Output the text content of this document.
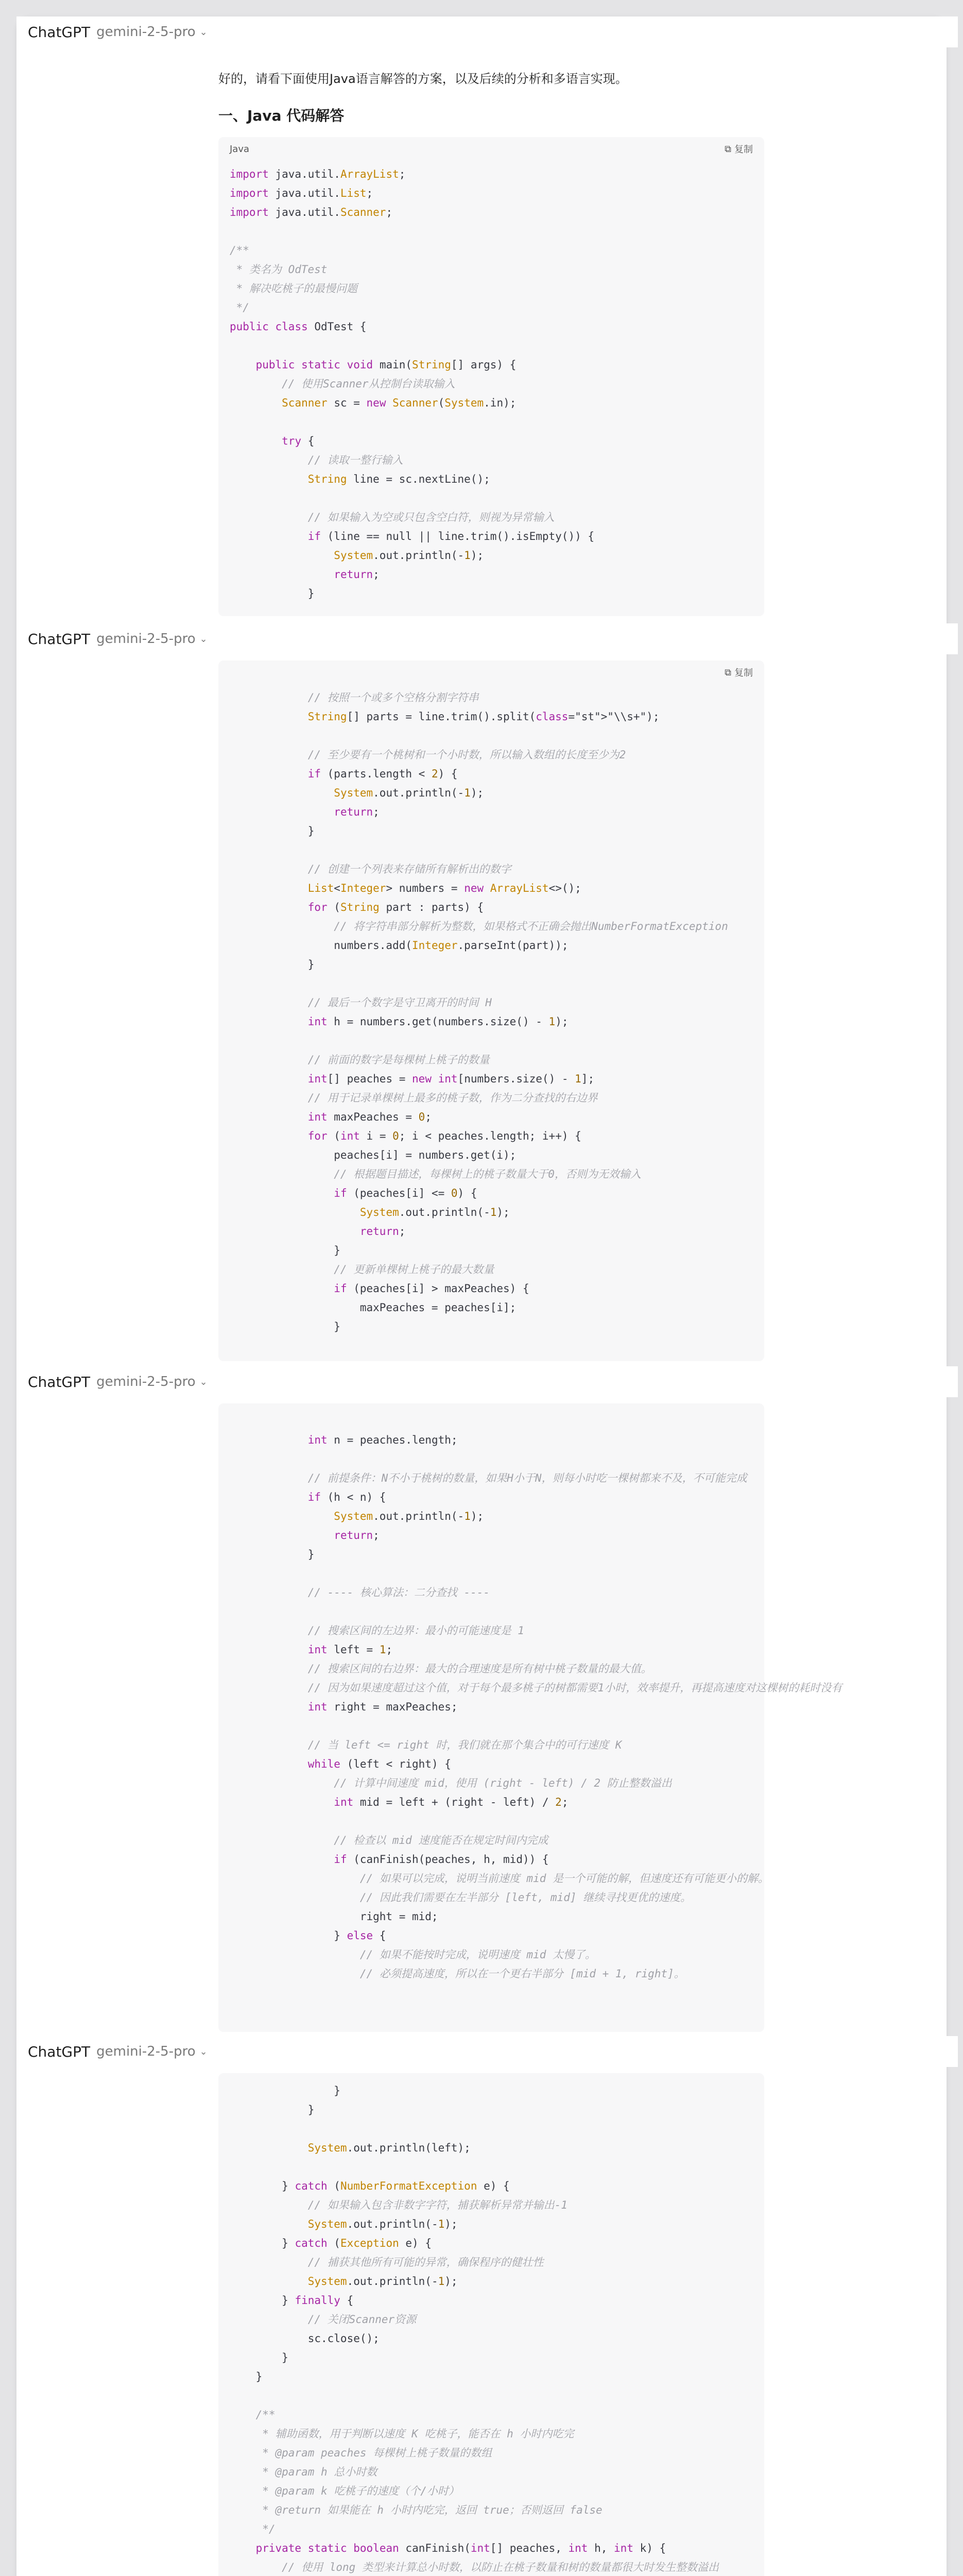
ChatGPT gemini-2-5-pro ⌄
好的，请看下面使用Java语言解答的方案，以及后续的分析和多语言实现。
一、Java 代码解答
Java	⧉ 复制
import java.util.ArrayList;
import java.util.List;
import java.util.Scanner;

/**
* 类名为 OdTest
* 解决吃桃子的最慢问题
*/
public class OdTest {

public static void main(String[] args) {
// 使用Scanner从控制台读取输入
Scanner sc = new Scanner(System.in);

try {
// 读取一整行输入
String line = sc.nextLine();

// 如果输入为空或只包含空白符，则视为异常输入
if (line == null || line.trim().isEmpty()) {
System.out.println(-1);
return;
}
ChatGPT gemini-2-5-pro ⌄
⧉ 复制
// 按照一个或多个空格分割字符串
String[] parts = line.trim().split(class="st">"\\s+");

// 至少要有一个桃树和一个小时数，所以输入数组的长度至少为2
if (parts.length < 2) {
System.out.println(-1);
return;
}

// 创建一个列表来存储所有解析出的数字
List<Integer> numbers = new ArrayList<>();
for (String part : parts) {
// 将字符串部分解析为整数，如果格式不正确会抛出NumberFormatException
numbers.add(Integer.parseInt(part));
}

// 最后一个数字是守卫离开的时间 H
int h = numbers.get(numbers.size() - 1);

// 前面的数字是每棵树上桃子的数量
int[] peaches = new int[numbers.size() - 1];
// 用于记录单棵树上最多的桃子数，作为二分查找的右边界
int maxPeaches = 0;
for (int i = 0; i < peaches.length; i++) {
peaches[i] = numbers.get(i);
// 根据题目描述，每棵树上的桃子数量大于0，否则为无效输入
if (peaches[i] <= 0) {
System.out.println(-1);
return;
}
// 更新单棵树上桃子的最大数量
if (peaches[i] > maxPeaches) {
maxPeaches = peaches[i];
}
ChatGPT gemini-2-5-pro ⌄

int n = peaches.length;

// 前提条件：N不小于桃树的数量，如果H小于N，则每小时吃一棵树都来不及，不可能完成
if (h < n) {
System.out.println(-1);
return;
}

// ---- 核心算法：二分查找 ----

// 搜索区间的左边界：最小的可能速度是 1
int left = 1;
// 搜索区间的右边界：最大的合理速度是所有树中桃子数量的最大值。
// 因为如果速度超过这个值，对于每个最多桃子的树都需要1小时，效率提升，再提高速度对这棵树的耗时没有
int right = maxPeaches;

// 当 left <= right 时，我们就在那个集合中的可行速度 K
while (left < right) {
// 计算中间速度 mid，使用 (right - left) / 2 防止整数溢出
int mid = left + (right - left) / 2;

// 检查以 mid 速度能否在规定时间内完成
if (canFinish(peaches, h, mid)) {
// 如果可以完成，说明当前速度 mid 是一个可能的解，但速度还有可能更小的解。
// 因此我们需要在左半部分 [left, mid] 继续寻找更优的速度。
right = mid;
} else {
// 如果不能按时完成，说明速度 mid 太慢了。
// 必须提高速度，所以在一个更右半部分 [mid + 1, right]。
ChatGPT gemini-2-5-pro ⌄
}
}

System.out.println(left);

} catch (NumberFormatException e) {
// 如果输入包含非数字字符，捕获解析异常并输出-1
System.out.println(-1);
} catch (Exception e) {
// 捕获其他所有可能的异常，确保程序的健壮性
System.out.println(-1);
} finally {
// 关闭Scanner资源
sc.close();
}
}

/**
* 辅助函数，用于判断以速度 K 吃桃子，能否在 h 小时内吃完
* @param peaches 每棵树上桃子数量的数组
* @param h 总小时数
* @param k 吃桃子的速度（个/小时）
* @return 如果能在 h 小时内吃完，返回 true；否则返回 false
*/
private static boolean canFinish(int[] peaches, int h, int k) {
// 使用 long 类型来计算总小时数，以防止在桃子数量和树的数量都很大时发生整数溢出
